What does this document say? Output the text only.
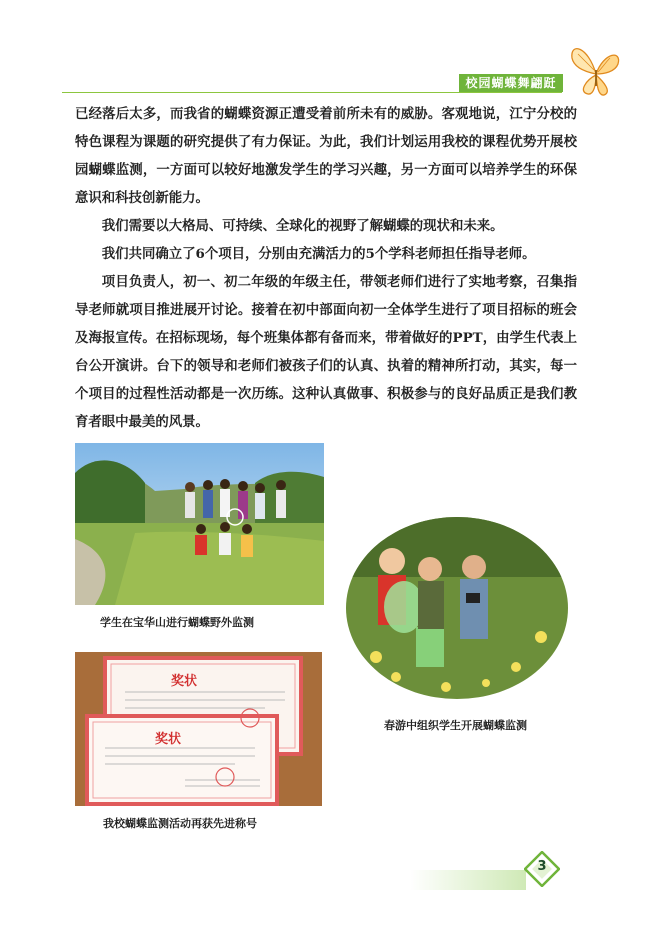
校园蝴蝶舞翩跹

已经落后太多，而我省的蝴蝶资源正遭受着前所未有的威胁。客观地说，江宁分校的特色课程为课题的研究提供了有力保证。为此，我们计划运用我校的课程优势开展校园蝴蝶监测，一方面可以较好地激发学生的学习兴趣，另一方面可以培养学生的环保意识和科技创新能力。

我们需要以大格局、可持续、全球化的视野了解蝴蝶的现状和未来。

我们共同确立了6个项目，分别由充满活力的5个学科老师担任指导老师。

项目负责人，初一、初二年级的年级主任，带领老师们进行了实地考察，召集指导老师就项目推进展开讨论。接着在初中部面向初一全体学生进行了项目招标的班会及海报宣传。在招标现场，每个班集体都有备而来，带着做好的PPT，由学生代表上台公开演讲。台下的领导和老师们被孩子们的认真、执着的精神所打动，其实，每一个项目的过程性活动都是一次历练。这种认真做事、积极参与的良好品质正是我们教育者眼中最美的风景。

学生在宝华山进行蝴蝶野外监测
春游中组织学生开展蝴蝶监测
奖状
奖状
我校蝴蝶监测活动再获先进称号
3
